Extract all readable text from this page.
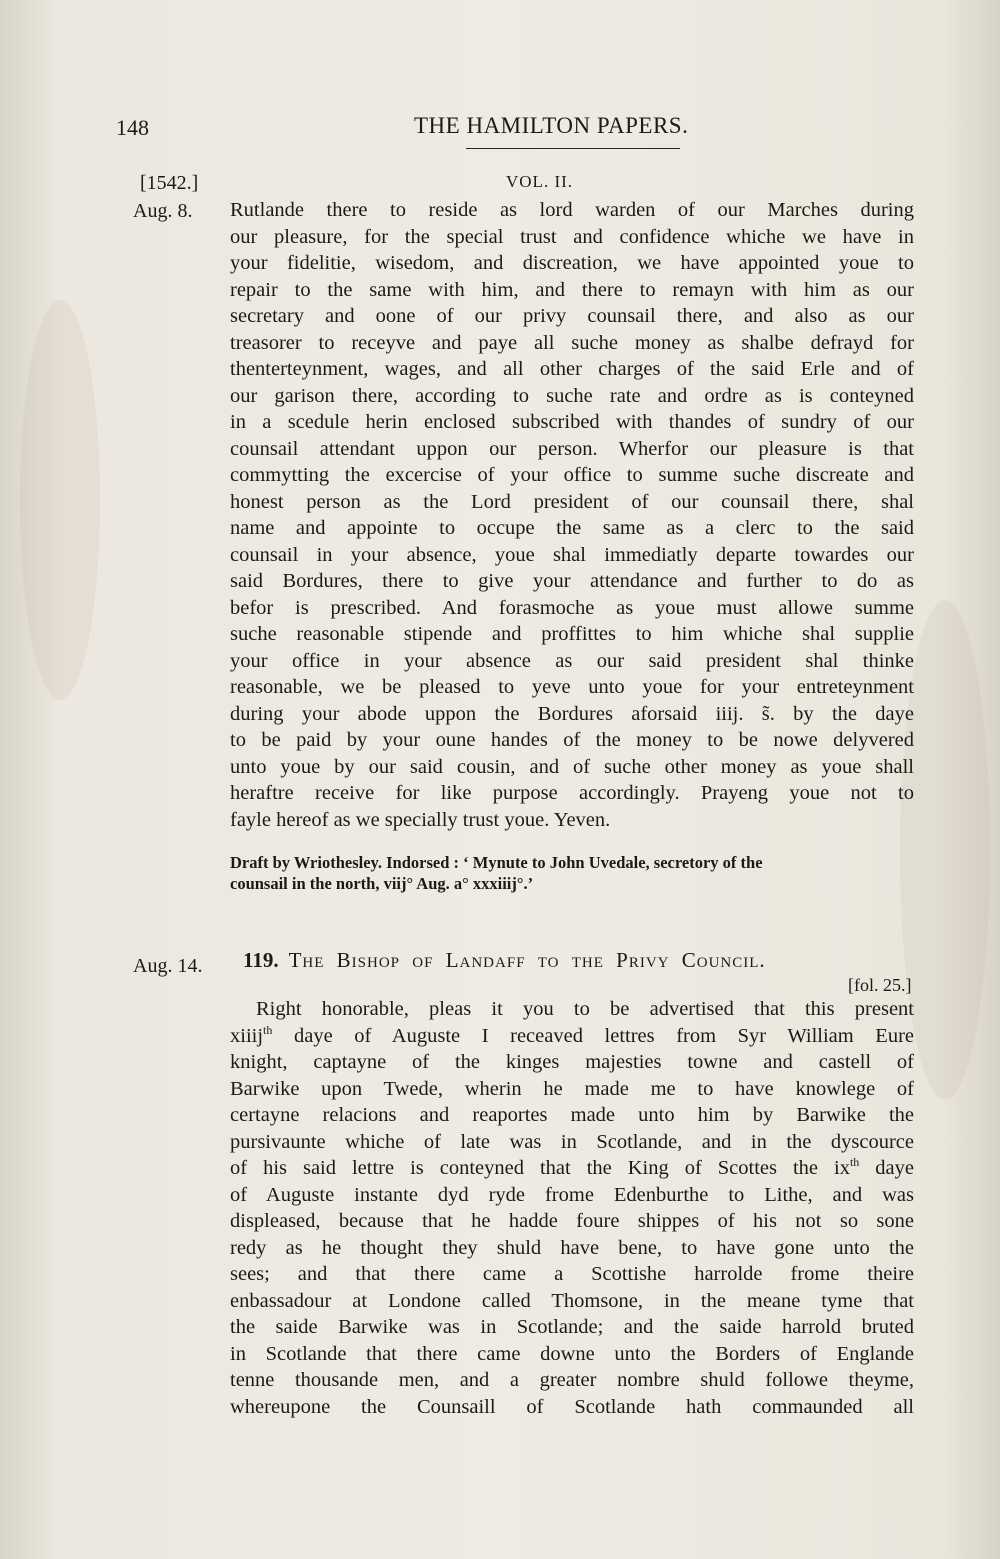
148	THE HAMILTON PAPERS.
[1542.]	VOL. II.
Aug. 8. Rutlande there to reside as lord warden of our Marches during
our pleasure, for the special trust and confidence whiche we have in
your fidelitie, wisedom, and discreation, we have appointed youe to
repair to the same with him, and there to remayn with him as our
secretary and oone of our privy counsail there, and also as our
treasorer to receyve and paye all suche money as shalbe defrayd for
thenterteynment, wages, and all other charges of the said Erle and of
our garison there, according to suche rate and ordre as is conteyned
in a scedule herin enclosed subscribed with thandes of sundry of our
counsail attendant uppon our person. Wherfor our pleasure is that
commytting the excercise of your office to summe suche discreate and
honest person as the Lord president of our counsail there, shal
name and appointe to occupe the same as a clerc to the said
counsail in your absence, youe shal immediatly departe towardes our
said Bordures, there to give your attendance and further to do as
befor is prescribed. And forasmoche as youe must allowe summe
suche reasonable stipende and proffittes to him whiche shal supplie
your office in your absence as our said president shal thinke
reasonable, we be pleased to yeve unto youe for your entreteynment
during your abode uppon the Bordures aforsaid iiij. s̃. by the daye
to be paid by your oune handes of the money to be nowe delyvered
unto youe by our said cousin, and of suche other money as youe shall
heraftre receive for like purpose accordingly. Prayeng youe not to
fayle hereof as we specially trust youe. Yeven.
Draft by Wriothesley. Indorsed : ‘ Mynute to John Uvedale, secretory of the
counsail in the north, viij° Aug. a° xxxiiij°.’
Aug. 14. 119. The Bishop of Landaff to the Privy Council.
[fol. 25.]
Right honorable, pleas it you to be advertised that this present
xiiij$^{th}$ daye of Auguste I receaved lettres from Syr William Eure
knight, captayne of the kinges majesties towne and castell of
Barwike upon Twede, wherin he made me to have knowlege of
certayne relacions and reaportes made unto him by Barwike the
pursivaunte whiche of late was in Scotlande, and in the dyscource
of his said lettre is conteyned that the King of Scottes the $ix^{th}$ daye
of Auguste instante dyd ryde frome Edenburthe to Lithe, and was
displeased, because that he hadde foure shippes of his not so sone
redy as he thought they shuld have bene, to have gone unto the
sees; and that there came a Scottishe harrolde frome theire
enbassadour at Londone called Thomsone, in the meane tyme that
the saide Barwike was in Scotlande; and the saide harrold bruted
in Scotlande that there came downe unto the Borders of Englande
tenne thousande men, and a greater nombre shuld followe theyme,
whereupone the Counsaill of Scotlande hath commaunded all
